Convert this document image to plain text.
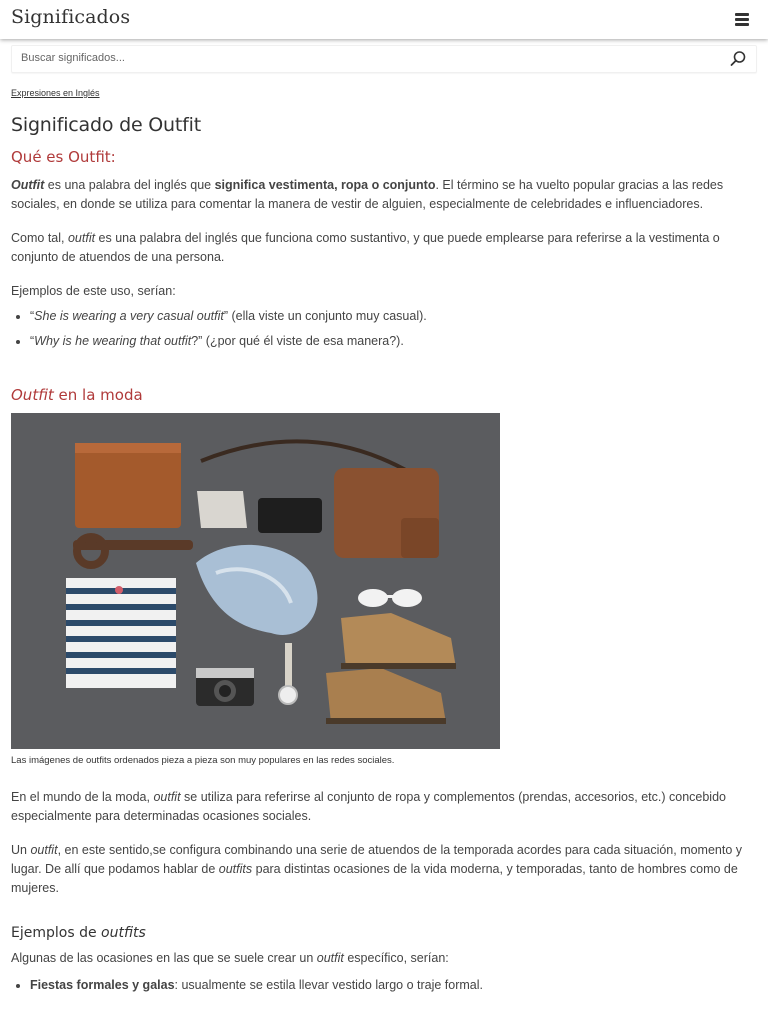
Significados
Buscar significados...
Expresiones en Inglés
Significado de Outfit
Qué es Outfit:

Outfit es una palabra del inglés que significa vestimenta, ropa o conjunto. El término se ha vuelto popular gracias a las redes sociales, en donde se utiliza para comentar la manera de vestir de alguien, especialmente de celebridades e influenciadores.

Como tal, outfit es una palabra del inglés que funciona como sustantivo, y que puede emplearse para referirse a la vestimenta o conjunto de atuendos de una persona.

Ejemplos de este uso, serían:

• “She is wearing a very casual outfit” (ella viste un conjunto muy casual).
• “Why is he wearing that outfit?” (¿por qué él viste de esa manera?).
Outfit en la moda
Las imágenes de outfits ordenados pieza a pieza son muy populares en las redes sociales.

En el mundo de la moda, outfit se utiliza para referirse al conjunto de ropa y complementos (prendas, accesorios, etc.) concebido especialmente para determinadas ocasiones sociales.

Un outfit, en este sentido,se configura combinando una serie de atuendos de la temporada acordes para cada situación, momento y lugar. De allí que podamos hablar de outfits para distintas ocasiones de la vida moderna, y temporadas, tanto de hombres como de mujeres.

Ejemplos de outfits

Algunas de las ocasiones en las que se suele crear un outfit específico, serían:

• Fiestas formales y galas: usualmente se estila llevar vestido largo o traje formal.
